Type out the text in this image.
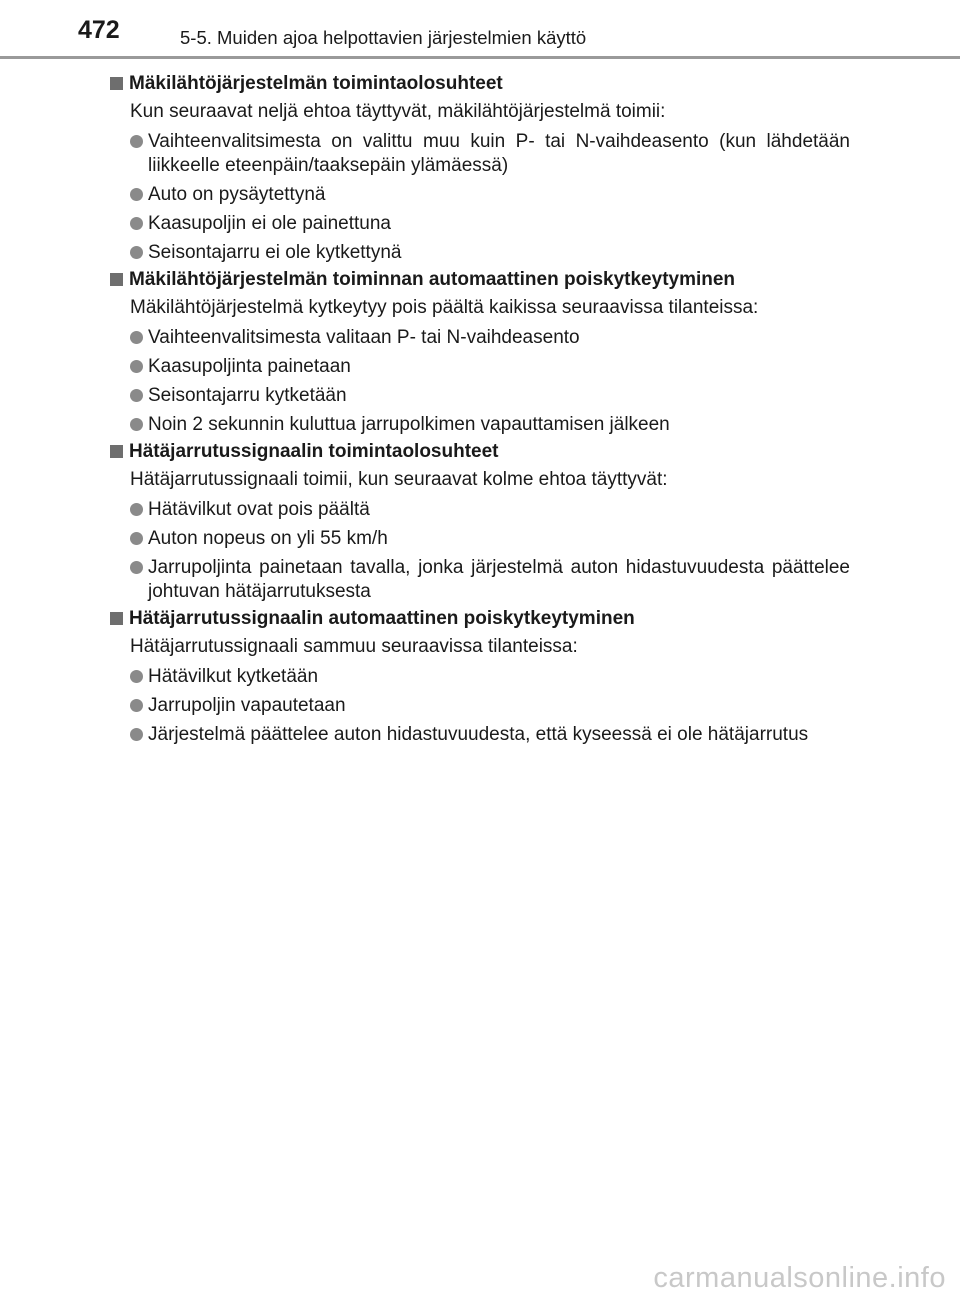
472	5-5. Muiden ajoa helpottavien järjestelmien käyttö
Mäkilähtöjärjestelmän toimintaolosuhteet
Kun seuraavat neljä ehtoa täyttyvät, mäkilähtöjärjestelmä toimii:
Vaihteenvalitsimesta on valittu muu kuin P- tai N-vaihdeasento (kun lähdetään liikkeelle eteenpäin/taaksepäin ylämäessä)
Auto on pysäytettynä
Kaasupoljin ei ole painettuna
Seisontajarru ei ole kytkettynä
Mäkilähtöjärjestelmän toiminnan automaattinen poiskytkeytyminen
Mäkilähtöjärjestelmä kytkeytyy pois päältä kaikissa seuraavissa tilanteissa:
Vaihteenvalitsimesta valitaan P- tai N-vaihdeasento
Kaasupoljinta painetaan
Seisontajarru kytketään
Noin 2 sekunnin kuluttua jarrupolkimen vapauttamisen jälkeen
Hätäjarrutussignaalin toimintaolosuhteet
Hätäjarrutussignaali toimii, kun seuraavat kolme ehtoa täyttyvät:
Hätävilkut ovat pois päältä
Auton nopeus on yli 55 km/h
Jarrupoljinta painetaan tavalla, jonka järjestelmä auton hidastuvuudesta päättelee johtuvan hätäjarrutuksesta
Hätäjarrutussignaalin automaattinen poiskytkeytyminen
Hätäjarrutussignaali sammuu seuraavissa tilanteissa:
Hätävilkut kytketään
Jarrupoljin vapautetaan
Järjestelmä päättelee auton hidastuvuudesta, että kyseessä ei ole hätäjarrutus
carmanualsonline.info
